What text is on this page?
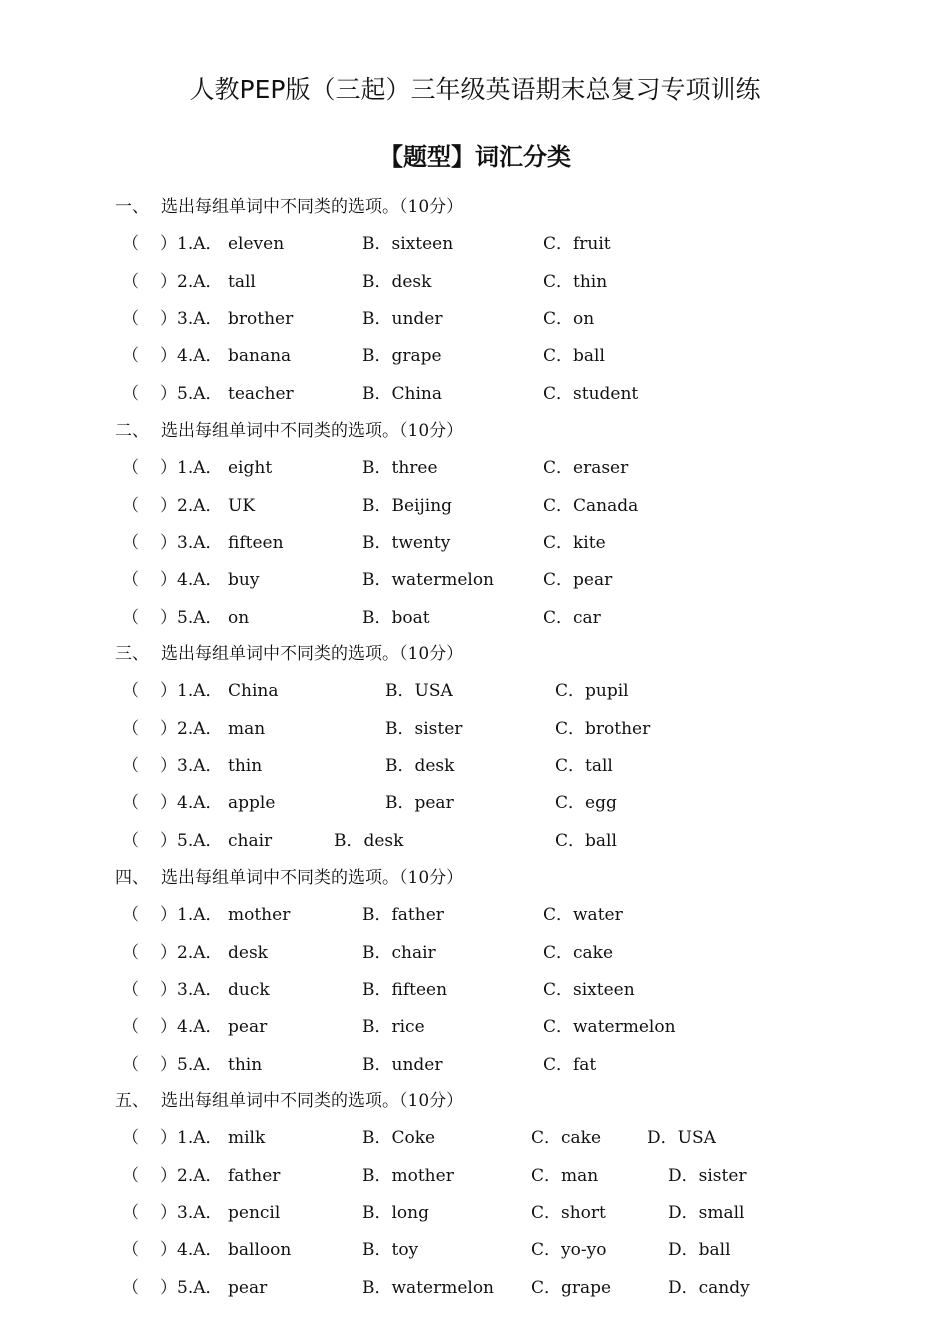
人教PEP版（三起）三年级英语期末总复习专项训练
【题型】词汇分类
一、 选出每组单词中不同类的选项。（10分）
（ ）1.A． eleven	B．sixteen	C．fruit
（ ）2.A． tall	B．desk	C．thin
（ ）3.A． brother	B．under	C．on
（ ）4.A． banana	B．grape	C．ball
（ ）5.A． teacher	B．China	C．student
二、 选出每组单词中不同类的选项。（10分）
（ ）1.A． eight	B．three	C．eraser
（ ）2.A． UK	B．Beijing	C．Canada
（ ）3.A． fifteen	B．twenty	C．kite
（ ）4.A． buy	B．watermelon	C．pear
（ ）5.A． on	B．boat	C．car
三、 选出每组单词中不同类的选项。（10分）
（ ）1.A． China	B．USA	C．pupil
（ ）2.A． man	B．sister	C．brother
（ ）3.A． thin	B．desk	C．tall
（ ）4.A． apple	B．pear	C．egg
（ ）5.A． chair	B．desk	C．ball
四、 选出每组单词中不同类的选项。（10分）
（ ）1.A． mother	B．father	C．water
（ ）2.A． desk	B．chair	C．cake
（ ）3.A． duck	B．fifteen	C．sixteen
（ ）4.A． pear	B．rice	C．watermelon
（ ）5.A． thin	B．under	C．fat
五、 选出每组单词中不同类的选项。（10分）
（ ）1.A． milk	B．Coke	C．cake	D．USA
（ ）2.A． father	B．mother	C．man	D．sister
（ ）3.A． pencil	B．long	C．short	D．small
（ ）4.A． balloon	B．toy	C．yo-yo	D．ball
（ ）5.A． pear	B．watermelon C．grape	D．candy
